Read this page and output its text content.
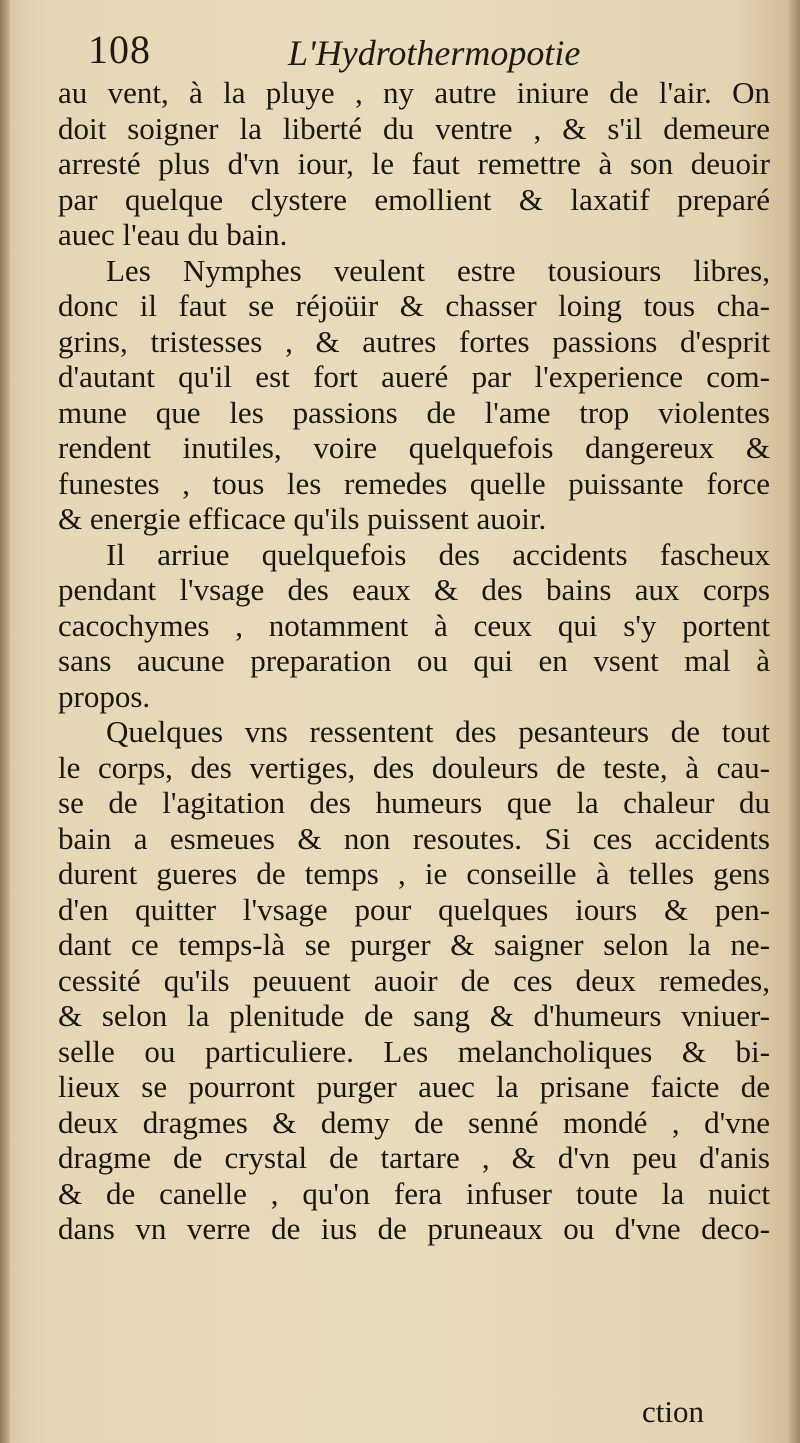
108	L'Hydrothermopotie
au vent, à la pluye , ny autre iniure de l'air. On
doit soigner la liberté du ventre , & s'il demeure
arresté plus d'vn iour, le faut remettre à son deuoir
par quelque clystere emollient & laxatif preparé
auec l'eau du bain.
Les Nymphes veulent estre tousiours libres,
donc il faut se réjoüir & chasser loing tous cha-
grins, tristesses , & autres fortes passions d'esprit
d'autant qu'il est fort aueré par l'experience com-
mune que les passions de l'ame trop violentes
rendent inutiles, voire quelquefois dangereux &
funestes , tous les remedes quelle puissante force
& energie efficace qu'ils puissent auoir.
Il arriue quelquefois des accidents fascheux
pendant l'vsage des eaux & des bains aux corps
cacochymes , notamment à ceux qui s'y portent
sans aucune preparation ou qui en vsent mal à
propos.
Quelques vns ressentent des pesanteurs de tout
le corps, des vertiges, des douleurs de teste, à cau-
se de l'agitation des humeurs que la chaleur du
bain a esmeues & non resoutes. Si ces accidents
durent gueres de temps , ie conseille à telles gens
d'en quitter l'vsage pour quelques iours & pen-
dant ce temps-là se purger & saigner selon la ne-
cessité qu'ils peuuent auoir de ces deux remedes,
& selon la plenitude de sang & d'humeurs vniuer-
selle ou particuliere. Les melancholiques & bi-
lieux se pourront purger auec la prisane faicte de
deux dragmes & demy de senné mondé , d'vne
dragme de crystal de tartare , & d'vn peu d'anis
& de canelle , qu'on fera infuser toute la nuict
dans vn verre de ius de pruneaux ou d'vne deco-
ction
